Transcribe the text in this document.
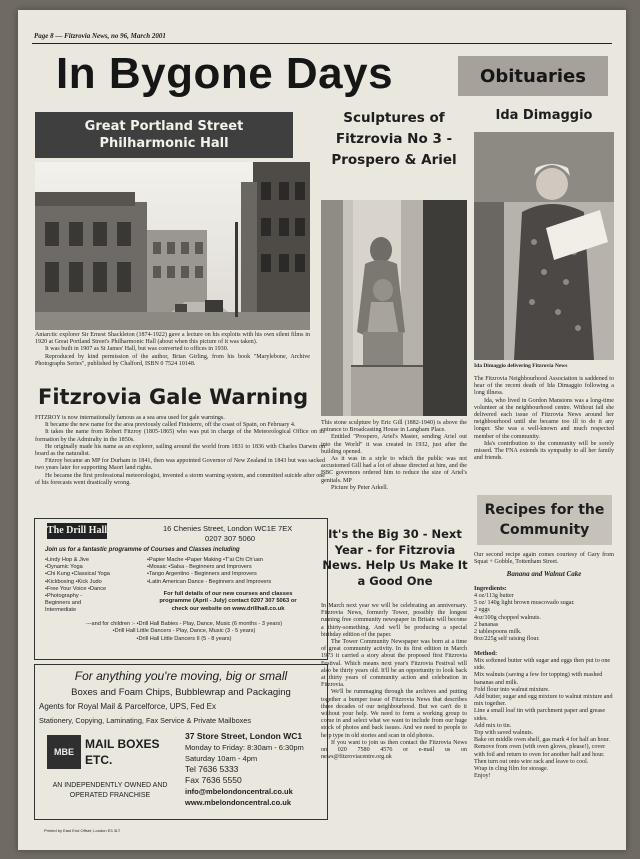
Page 8 — Fitzrovia News, no 96, March 2001
In Bygone Days	Obituaries
Great Portland Street
Philharmonic Hall

Antarctic explorer Sir Ernest Shackleton (1874-1922) gave a lecture on his exploits with his own silent films in 1920 at Great Portland Street's Philharmonic Hall (about when this picture of it was taken).

It was built in 1907 as St James' Hall, but was converted to offices in 1930.

Reproduced by kind permission of the author, Brian Girling, from his book "Marylebone, Archive Photographs Series", published by Chalford, ISBN 0 7524 10148.

Fitzrovia Gale Warning

FITZROY is now internationally famous as a sea area used for gale warnings.

It became the new name for the area previously called Finisterre, off the coast of Spain, on February 4.

It takes the name from Robert Fitzroy (1805-1865) who was put in charge of the Meteorological Office on its formation by the Admiralty in the 1850s.

He originally made his name as an explorer, sailing around the world from 1831 to 1836 with Charles Darwin on board as the naturalist.

Fitzroy became an MP for Durham in 1841, then was appointed Governor of New Zealand in 1843 but was sacked two years later for supporting Maori land rights.

He became the first professional meteorologist, invented a storm warning system, and committed suicide after one of his forecasts went drastically wrong.

The Drill Hall	16 Chenies Street, London WC1E 7EX
0207 307 5060
Join us for a fantastic programme of Courses and Classes including
•Lindy Hop & Jive
•Dynamic Yoga
•Chi Kung •Classical Yoga
•Kickboxing •Kick Judo
•Free Your Voice •Dance
•Photography -
Beginners and
Intermediate
•Papier Mache •Paper Making •T'ai Chi Ch'uan
•Mosaic •Salsa - Beginners and Improvers
•Tango Argentino - Beginners and Improvers
•Latin American Dance - Beginners and Improvers
For full details of our new courses and classes programme (April - July) contact 0207 307 5063 or check our website on www.drillhall.co.uk
---and for children :- •Drill Hall Babies - Play, Dance, Music (6 months - 3 years)
•Drill Hall Little Dancers - Play, Dance, Music (3 - 5 years)
•Drill Hall Little Dancers II (5 - 8 years)
For anything you're moving, big or small
Boxes and Foam Chips, Bubblewrap and Packaging
Agents for Royal Mail & Parcelforce, UPS, Fed Ex
Stationery, Copying, Laminating, Fax Service & Private Mailboxes
MBE
MAIL BOXES
ETC.
AN INDEPENDENTLY OWNED AND OPERATED FRANCHISE
37 Store Street, London WC1
Monday to Friday: 8:30am - 6:30pm
Saturday 10am - 4pm
Tel 7636 5333
Fax 7636 5550
info@mbelondoncentral.co.uk
www.mbelondoncentral.co.uk
Printed by East End Offset, London E3 3LT
Sculptures of Fitzrovia No 3 - Prospero & Ariel

This stone sculpture by Eric Gill (1882-1940) is above the entrance to Broadcasting House in Langham Place.

Entitled "Prospero, Ariel's Master, sending Ariel out into the World" it was created in 1932, just after the building opened.

As it was in a style to which the public was not accustomed Gill had a lot of abuse directed at him, and the BBC governors ordered him to reduce the size of Ariel's genitals. MP

Picture by Peter Arkell.

It's the Big 30 - Next Year - for Fitzrovia News. Help Us Make It a Good One

In March next year we will be celebrating an anniversary. Fitzrovia News, formerly Tower, possibly the longest running free community newspaper in Britain will become a thirty-something. And we'll be producing a special birthday edition of the paper.

The Tower Community Newspaper was born at a time of great community activity. In its first edition in March 1973 it carried a story about the proposed first Fitzrovia Festival. Which means next year's Fitzrovia Festival will also be thirty years old. It'll be an opportunity to look back at thirty years of community action and celebration in Fitzrovia.

We'll be rummaging through the archives and putting together a bumper issue of Fitzrovia News that describes three decades of our neighbourhood. But we can't do it without your help. We need to form a working group to come in and select what we want to include from our huge stock of photos and back issues. And we need to people to help type in old stories and scan in old photos.

If you want to join us then contact the Fitzrovia News on 020 7580 4576 or e-mail us on news@fitzroviacentre.org.uk

Ida Dimaggio
Ida Dimaggio delivering Fitzrovia News

The Fitzrovia Neighbourhood Association is saddened to hear of the recent death of Ida Dimaggio following a long illness.

Ida, who lived in Gordon Mansions was a long-time volunteer at the neighbourhood centre. Without fail she delivered each issue of Fitzrovia News around her neighbourhood until she became too ill to do it any longer. She was a well-known and much respected member of the community.

Ida's contribution to the community will be sorely missed. The FNA extends its sympathy to all her family and friends.

Recipes for the Community
Our second recipe again comes courtesy of Gary from Squat + Gobble, Tottenham Street.
Banana and Walnut Cake
Ingredients:
4 oz/113g butter
5 oz/ 140g light brown muscovado sugar.
2 eggs
4oz/100g chopped walnuts.
2 bananas
2 tablespoons milk.
8oz/225g self raising flour.
Method:
Mix softened butter with sugar and eggs then put to one side.
Mix walnuts (saving a few for topping) with mashed bananas and milk.
Fold flour into walnut mixture.
Add butter, sugar and egg mixture to walnut mixture and mix together.
Line a small loaf tin with parchment paper and grease sides.
Add mix to tin.
Top with saved walnuts.
Bake on middle oven shelf, gas mark 4 for half an hour.
Remove from oven (with oven gloves, please!), cover with foil and return to oven for another half and hour.
Then turn out onto wire rack and leave to cool.
Wrap in cling film for storage.
Enjoy!
